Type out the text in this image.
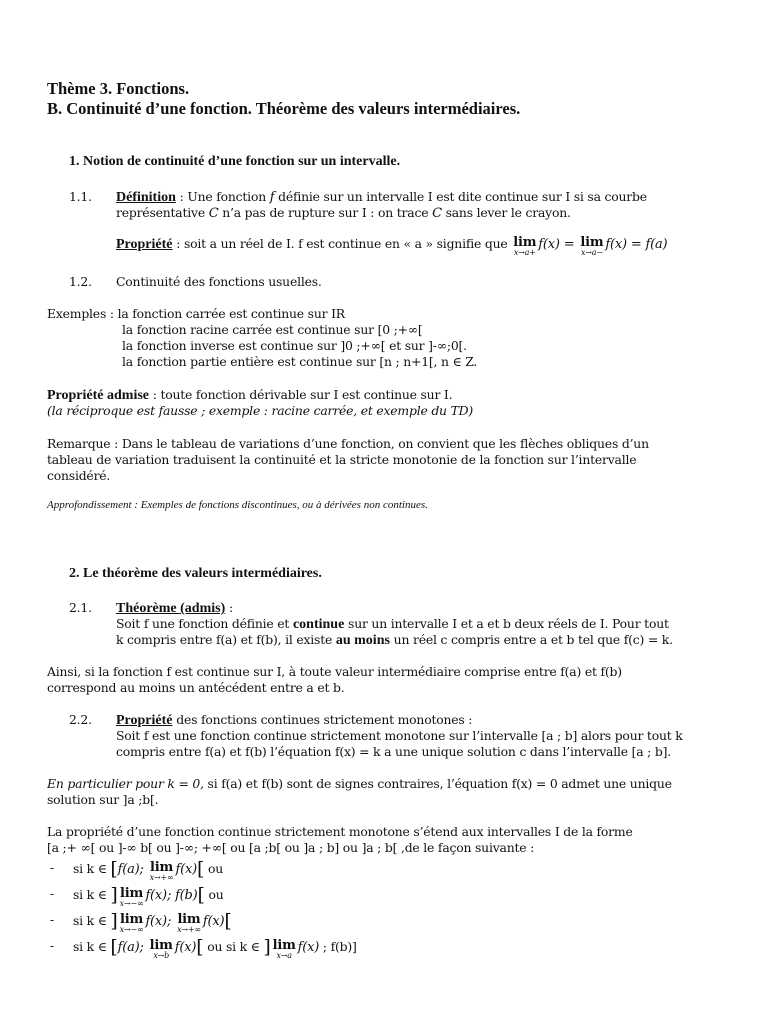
Thème 3. Fonctions.
B. Continuité d’une fonction. Théorème des valeurs intermédiaires.
1. Notion de continuité d’une fonction sur un intervalle.
1.1. Définition : Une fonction f définie sur un intervalle I est dite continue sur I si sa courbe
représentative C n’a pas de rupture sur I : on trace C sans lever le crayon.
Propriété : soit a un réel de I. f est continue en « a » signifie que lim
x→a+
f(x) = lim
x→a−
f(x) = f(a)
1.2. Continuité des fonctions usuelles.
Exemples : la fonction carrée est continue sur IR
la fonction racine carrée est continue sur [0 ;+∞[
la fonction inverse est continue sur ]0 ;+∞[ et sur ]-∞;0[.
la fonction partie entière est continue sur [n ; n+1[, n ∈ Z.
Propriété admise : toute fonction dérivable sur I est continue sur I.
(la réciproque est fausse ; exemple : racine carrée, et exemple du TD)
Remarque : Dans le tableau de variations d’une fonction, on convient que les flèches obliques d’un
tableau de variation traduisent la continuité et la stricte monotonie de la fonction sur l’intervalle
considéré.
Approfondissement : Exemples de fonctions discontinues, ou à dérivées non continues.
2. Le théorème des valeurs intermédiaires.
2.1. Théorème (admis) :
Soit f une fonction définie et continue sur un intervalle I et a et b deux réels de I. Pour tout
k compris entre f(a) et f(b), il existe au moins un réel c compris entre a et b tel que f(c) = k.
Ainsi, si la fonction f est continue sur I, à toute valeur intermédiaire comprise entre f(a) et f(b)
correspond au moins un antécédent entre a et b.
2.2. Propriété des fonctions continues strictement monotones :
Soit f est une fonction continue strictement monotone sur l’intervalle [a ; b] alors pour tout k
compris entre f(a) et f(b) l’équation f(x) = k a une unique solution c dans l’intervalle [a ; b].
En particulier pour k = 0, si f(a) et f(b) sont de signes contraires, l’équation f(x) = 0 admet une unique
solution sur ]a ;b[.
La propriété d’une fonction continue strictement monotone s’étend aux intervalles I de la forme
[a ;+ ∞[ ou ]-∞ b[ ou ]-∞; +∞[ ou [a ;b[ ou ]a ; b] ou ]a ; b[ ,de le façon suivante :
- si k ∈ [f(a); lim
x→+∞
f(x)[ ou
- si k ∈ ] lim
x→−∞
f(x); f(b)[ ou
- si k ∈ ] lim
x→−∞
f(x); lim
x→+∞
f(x)[
- si k ∈ [f(a); lim
x→b
f(x)[ ou si k ∈ ] lim
x→a
f(x) ; f(b)]
